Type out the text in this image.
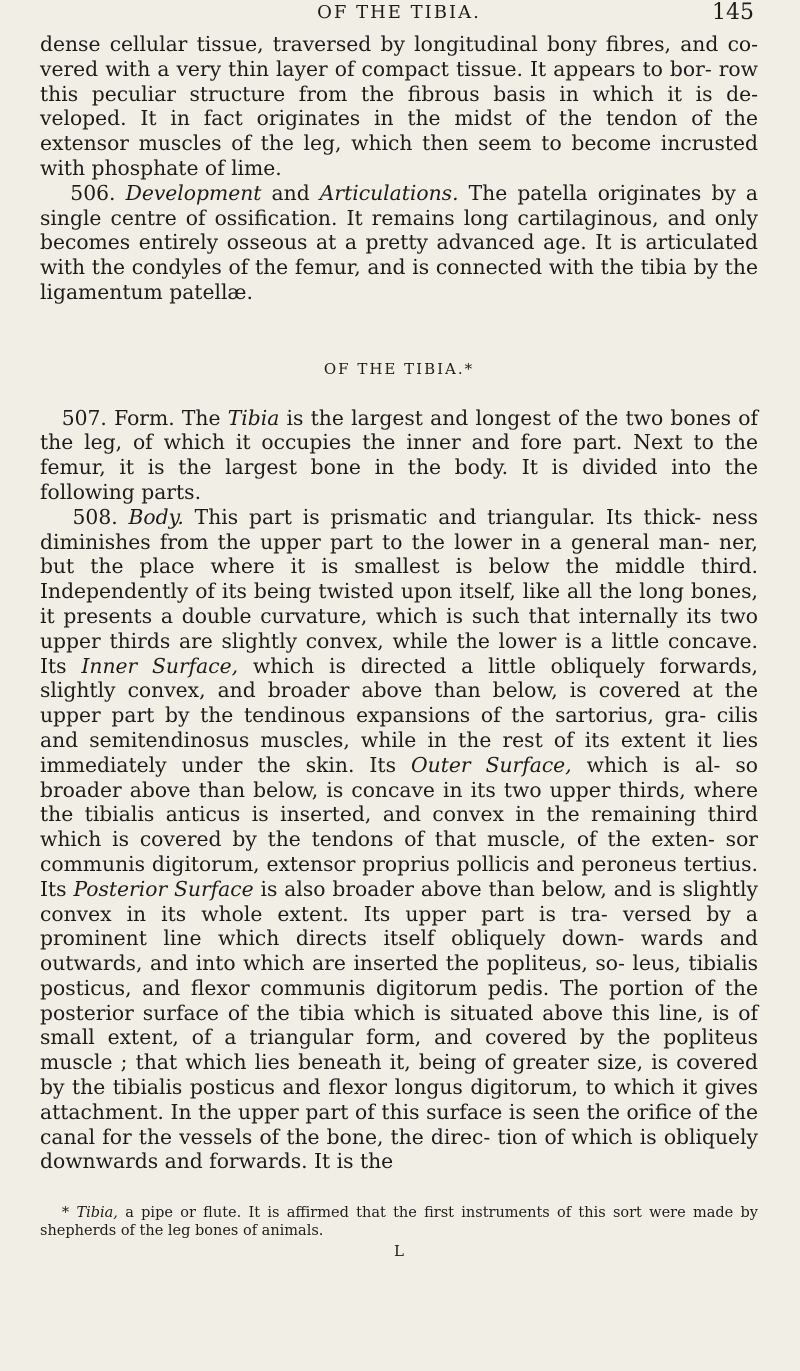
OF THE TIBIA.	145

dense cellular tissue, traversed by longitudinal bony fibres, and co- vered with a very thin layer of compact tissue. It appears to bor- row this peculiar structure from the fibrous basis in which it is de- veloped. It in fact originates in the midst of the tendon of the extensor muscles of the leg, which then seem to become incrusted with phosphate of lime.

506. Development and Articulations. The patella originates by a single centre of ossification. It remains long cartilaginous, and only becomes entirely osseous at a pretty advanced age. It is articulated with the condyles of the femur, and is connected with the tibia by the ligamentum patellæ.

OF THE TIBIA.*

507. Form. The Tibia is the largest and longest of the two bones of the leg, of which it occupies the inner and fore part. Next to the femur, it is the largest bone in the body. It is divided into the following parts.

508. Body. This part is prismatic and triangular. Its thick- ness diminishes from the upper part to the lower in a general man- ner, but the place where it is smallest is below the middle third. Independently of its being twisted upon itself, like all the long bones, it presents a double curvature, which is such that internally its two upper thirds are slightly convex, while the lower is a little concave. Its Inner Surface, which is directed a little obliquely forwards, slightly convex, and broader above than below, is covered at the upper part by the tendinous expansions of the sartorius, gra- cilis and semitendinosus muscles, while in the rest of its extent it lies immediately under the skin. Its Outer Surface, which is al- so broader above than below, is concave in its two upper thirds, where the tibialis anticus is inserted, and convex in the remaining third which is covered by the tendons of that muscle, of the exten- sor communis digitorum, extensor proprius pollicis and peroneus tertius. Its Posterior Surface is also broader above than below, and is slightly convex in its whole extent. Its upper part is tra- versed by a prominent line which directs itself obliquely down- wards and outwards, and into which are inserted the popliteus, so- leus, tibialis posticus, and flexor communis digitorum pedis. The portion of the posterior surface of the tibia which is situated above this line, is of small extent, of a triangular form, and covered by the popliteus muscle ; that which lies beneath it, being of greater size, is covered by the tibialis posticus and flexor longus digitorum, to which it gives attachment. In the upper part of this surface is seen the orifice of the canal for the vessels of the bone, the direc- tion of which is obliquely downwards and forwards. It is the

* Tibia, a pipe or flute. It is affirmed that the first instruments of this sort were made by shepherds of the leg bones of animals.
L
